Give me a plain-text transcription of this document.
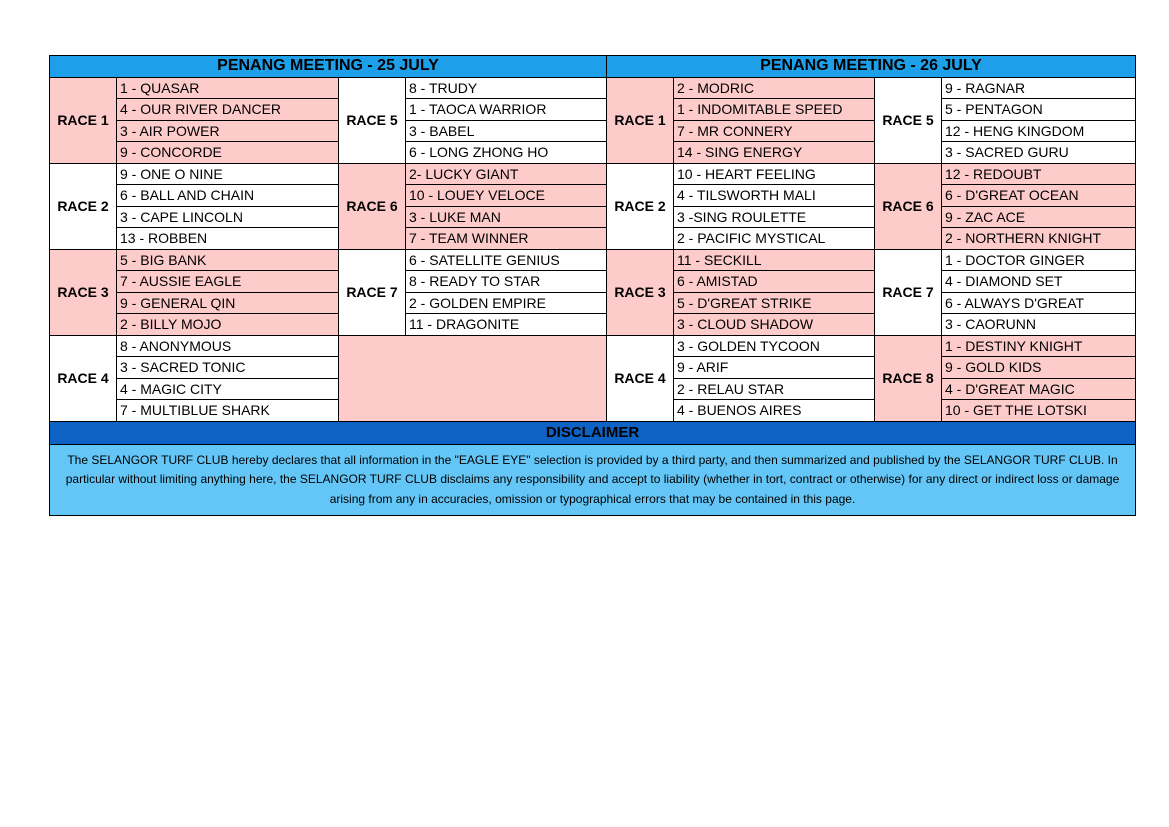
PENANG MEETING - 25 JULY				PENANG MEETING - 26 JULY			
RACE 1	1 - QUASAR	RACE 5	8 - TRUDY	RACE 1	2 - MODRIC	RACE 5	9 - RAGNAR
	4 - OUR RIVER DANCER		1 - TAOCA WARRIOR		1 - INDOMITABLE SPEED		5 - PENTAGON
	3 - AIR POWER		3 - BABEL		7 - MR CONNERY		12 - HENG KINGDOM
	9 - CONCORDE		6 - LONG ZHONG HO		14 - SING ENERGY		3 - SACRED GURU
RACE 2	9 - ONE O NINE	RACE 6	2- LUCKY GIANT	RACE 2	10 - HEART FEELING	RACE 6	12 - REDOUBT
	6 - BALL AND CHAIN		10 - LOUEY VELOCE		4 - TILSWORTH MALI		6 - D'GREAT OCEAN
	3 - CAPE LINCOLN		3 - LUKE MAN		3 -SING ROULETTE		9 - ZAC ACE
	13 - ROBBEN		7 - TEAM WINNER		2 - PACIFIC MYSTICAL		2 - NORTHERN KNIGHT
RACE 3	5 - BIG BANK	RACE 7	6 - SATELLITE GENIUS	RACE 3	11 - SECKILL	RACE 7	1 - DOCTOR GINGER
	7 - AUSSIE EAGLE		8 - READY TO STAR		6 - AMISTAD		4 - DIAMOND SET
	9 - GENERAL QIN		2 - GOLDEN EMPIRE		5 - D'GREAT STRIKE		6 - ALWAYS D'GREAT
	2 - BILLY MOJO		11 - DRAGONITE		3 - CLOUD SHADOW		3 - CAORUNN
RACE 4	8 - ANONYMOUS			RACE 4	3 - GOLDEN TYCOON	RACE 8	1 - DESTINY KNIGHT
	3 - SACRED TONIC				9 - ARIF		9 - GOLD KIDS
	4 - MAGIC CITY				2 - RELAU STAR		4 - D'GREAT MAGIC
	7 - MULTIBLUE SHARK				4 - BUENOS AIRES		10 - GET THE LOTSKI
DISCLAIMER							
The SELANGOR TURF CLUB hereby declares that all information in the "EAGLE EYE" selection is provided by a third party, and then summarized and published by the SELANGOR TURF CLUB. In particular without limiting anything here, the SELANGOR TURF CLUB disclaims any responsibility and accept to liability (whether in tort, contract or otherwise) for any direct or indirect loss or damage arising from any in accuracies, omission or typographical errors that may be contained in this page.							
